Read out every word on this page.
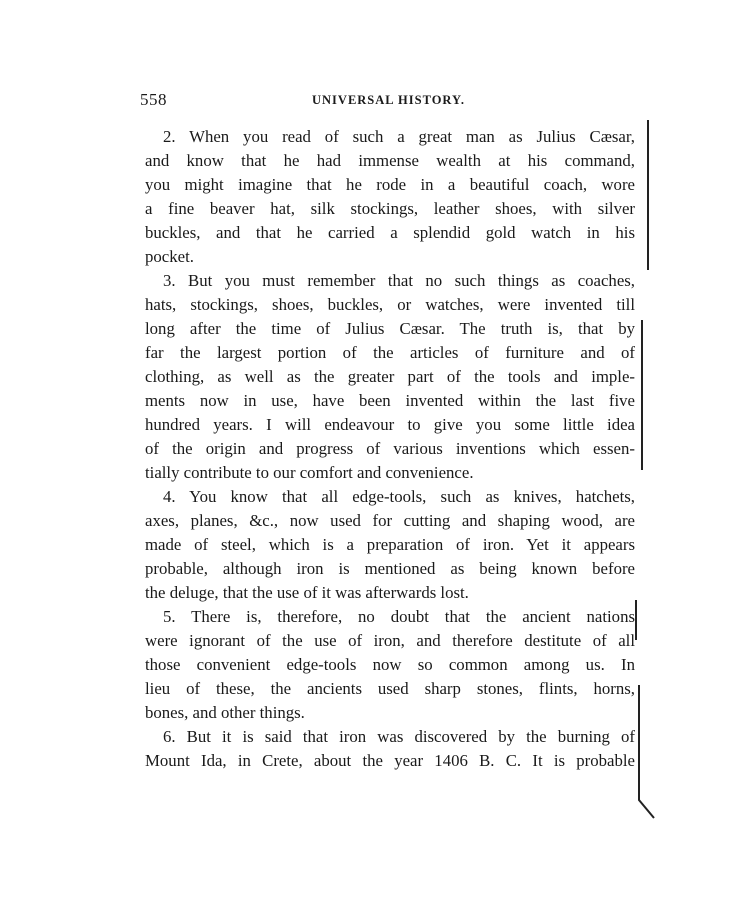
558	UNIVERSAL HISTORY.
2. When you read of such a great man as Julius Cæsar,
and know that he had immense wealth at his command,
you might imagine that he rode in a beautiful coach, wore
a fine beaver hat, silk stockings, leather shoes, with silver
buckles, and that he carried a splendid gold watch in his
pocket.
3. But you must remember that no such things as coaches,
hats, stockings, shoes, buckles, or watches, were invented till
long after the time of Julius Cæsar. The truth is, that by
far the largest portion of the articles of furniture and of
clothing, as well as the greater part of the tools and imple-
ments now in use, have been invented within the last five
hundred years. I will endeavour to give you some little idea
of the origin and progress of various inventions which essen-
tially contribute to our comfort and convenience.
4. You know that all edge-tools, such as knives, hatchets,
axes, planes, &c., now used for cutting and shaping wood, are
made of steel, which is a preparation of iron. Yet it appears
probable, although iron is mentioned as being known before
the deluge, that the use of it was afterwards lost.
5. There is, therefore, no doubt that the ancient nations
were ignorant of the use of iron, and therefore destitute of all
those convenient edge-tools now so common among us. In
lieu of these, the ancients used sharp stones, flints, horns,
bones, and other things.
6. But it is said that iron was discovered by the burning of
Mount Ida, in Crete, about the year 1406 B. C. It is probable
